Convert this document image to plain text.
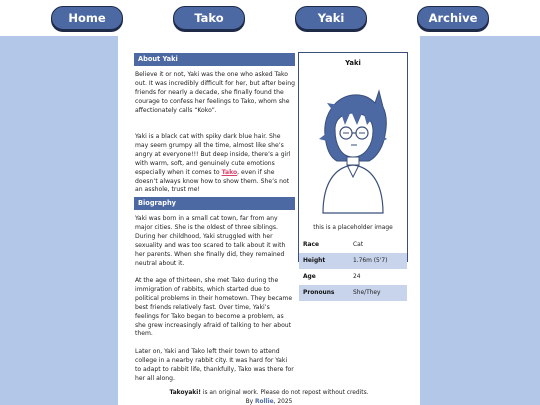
Home	Tako	Yaki	Archive
About Yaki
Believe it or not, Yaki was the one who asked Tako out. It was incredibly difficult for her, but after being friends for nearly a decade, she finally found the courage to confess her feelings to Tako, whom she affectionately calls “Koko”.
Yaki is a black cat with spiky dark blue hair. She may seem grumpy all the time, almost like she’s angry at everyone!!! But deep inside, there’s a girl with warm, soft, and genuinely cute emotions especially when it comes to Tako, even if she doesn’t always know how to show them. She’s not an asshole, trust me!
Biography
Yaki was born in a small cat town, far from any major cities. She is the oldest of three siblings. During her childhood, Yaki struggled with her sexuality and was too scared to talk about it with her parents. When she finally did, they remained neutral about it.
At the age of thirteen, she met Tako during the immigration of rabbits, which started due to political problems in their hometown. They became best friends relatively fast. Over time, Yaki’s feelings for Tako began to become a problem, as she grew increasingly afraid of talking to her about them.
Later on, Yaki and Tako left their town to attend college in a nearby rabbit city. It was hard for Yaki to adapt to rabbit life, thankfully, Tako was there for her all along.
Yaki
this is a placeholder image
Race	Cat
Height	1.76m (5'7)
Age	24
Pronouns	She/They
Takoyaki! is an original work. Please do not repost without credits.
By Rollie, 2025
